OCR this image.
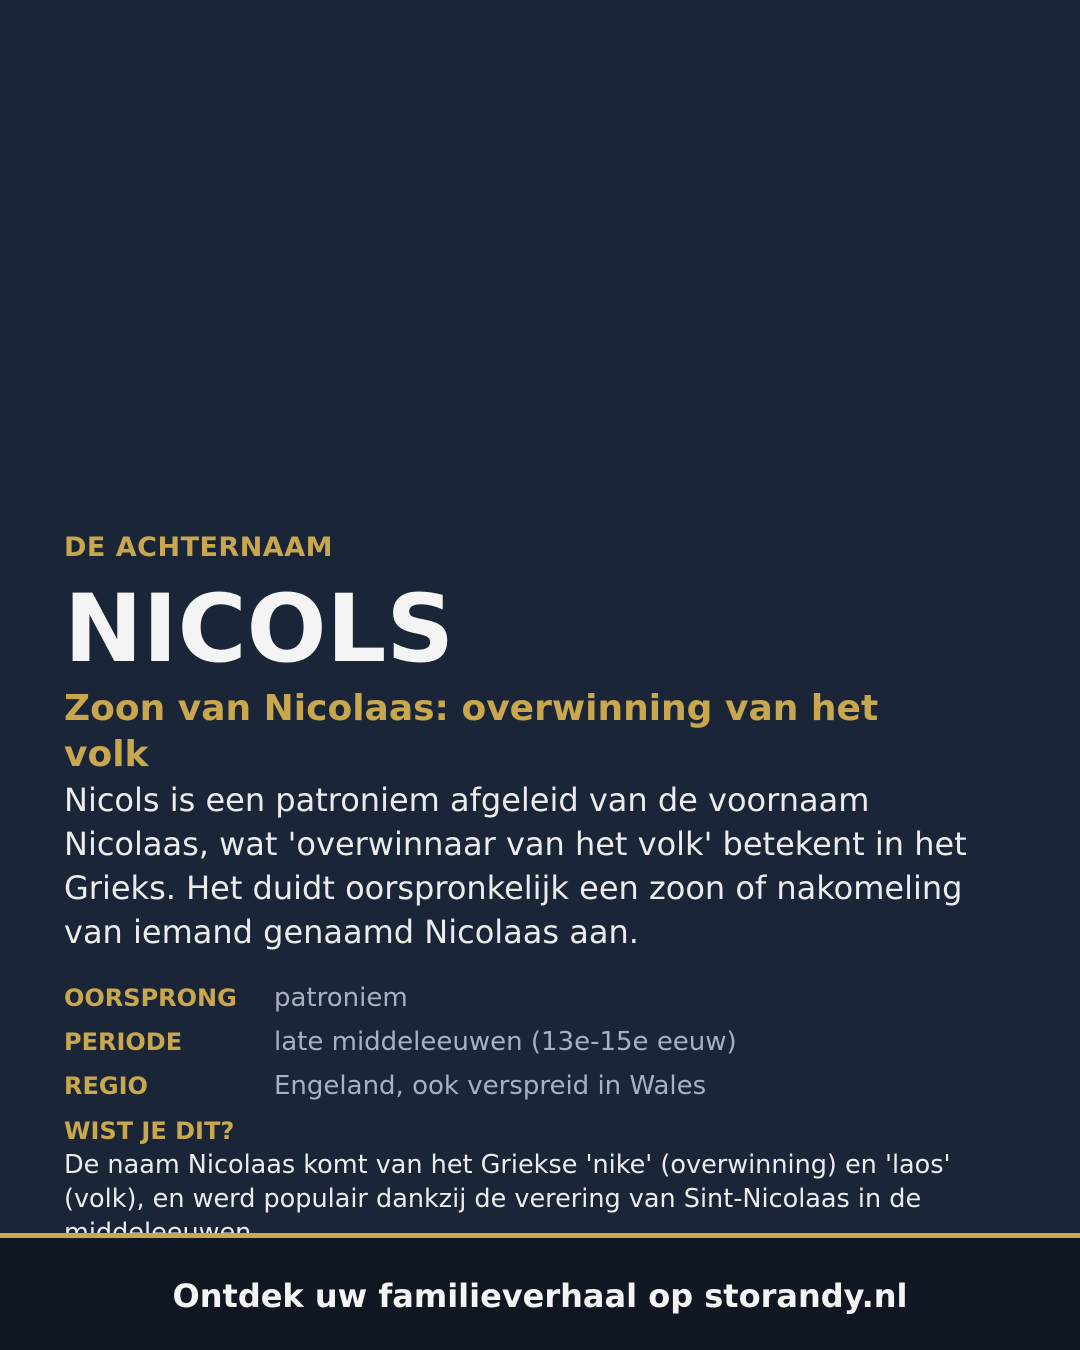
DE ACHTERNAAM

NICOLS
Zoon van Nicolaas: overwinning van het volk

Nicols is een patroniem afgeleid van de voornaam Nicolaas, wat 'overwinnaar van het volk' betekent in het Grieks. Het duidt oorspronkelijk een zoon of nakomeling van iemand genaamd Nicolaas aan.

OORSPRONG	patroniem
PERIODE	late middeleeuwen (13e-15e eeuw)
REGIO	Engeland, ook verspreid in Wales
WIST JE DIT?

De naam Nicolaas komt van het Griekse 'nike' (overwinning) en 'laos' (volk), en werd populair dankzij de verering van Sint-Nicolaas in de

Ontdek uw familieverhaal op storandy.nl
